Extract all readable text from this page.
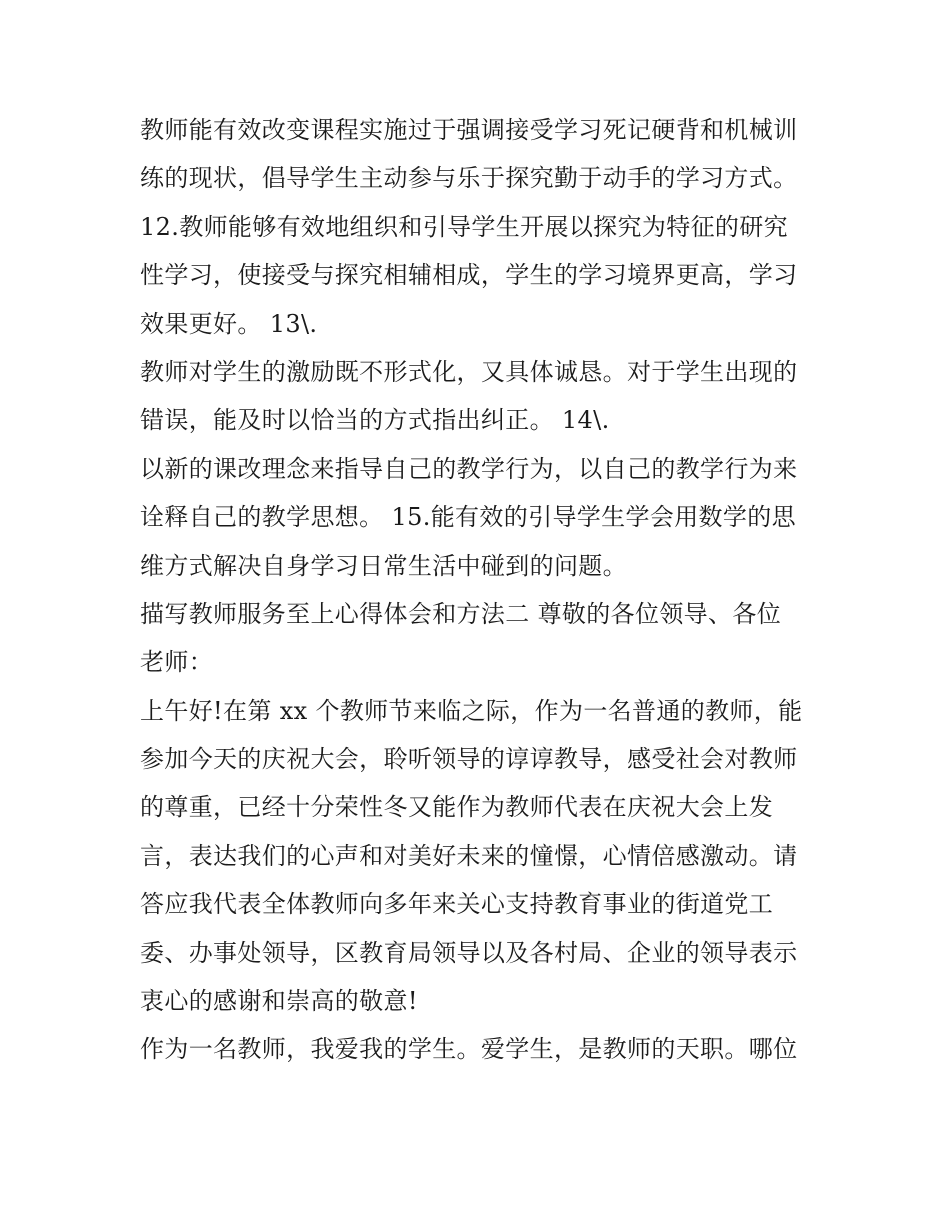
教师能有效改变课程实施过于强调接受学习死记硬背和机械训
练的现状，倡导学生主动参与乐于探究勤于动手的学习方式。
12.教师能够有效地组织和引导学生开展以探究为特征的研究
性学习，使接受与探究相辅相成，学生的学习境界更高，学习
效果更好。 13\.
教师对学生的激励既不形式化，又具体诚恳。对于学生出现的
错误，能及时以恰当的方式指出纠正。 14\.
以新的课改理念来指导自己的教学行为，以自己的教学行为来
诠释自己的教学思想。 15.能有效的引导学生学会用数学的思
维方式解决自身学习日常生活中碰到的问题。
描写教师服务至上心得体会和方法二 尊敬的各位领导、各位
老师：
上午好!在第 xx 个教师节来临之际，作为一名普通的教师，能
参加今天的庆祝大会，聆听领导的谆谆教导，感受社会对教师
的尊重，已经十分荣性冬又能作为教师代表在庆祝大会上发
言，表达我们的心声和对美好未来的憧憬，心情倍感激动。请
答应我代表全体教师向多年来关心支持教育事业的街道党工
委、办事处领导，区教育局领导以及各村局、企业的领导表示
衷心的感谢和崇高的敬意!
作为一名教师，我爱我的学生。爱学生，是教师的天职。哪位
